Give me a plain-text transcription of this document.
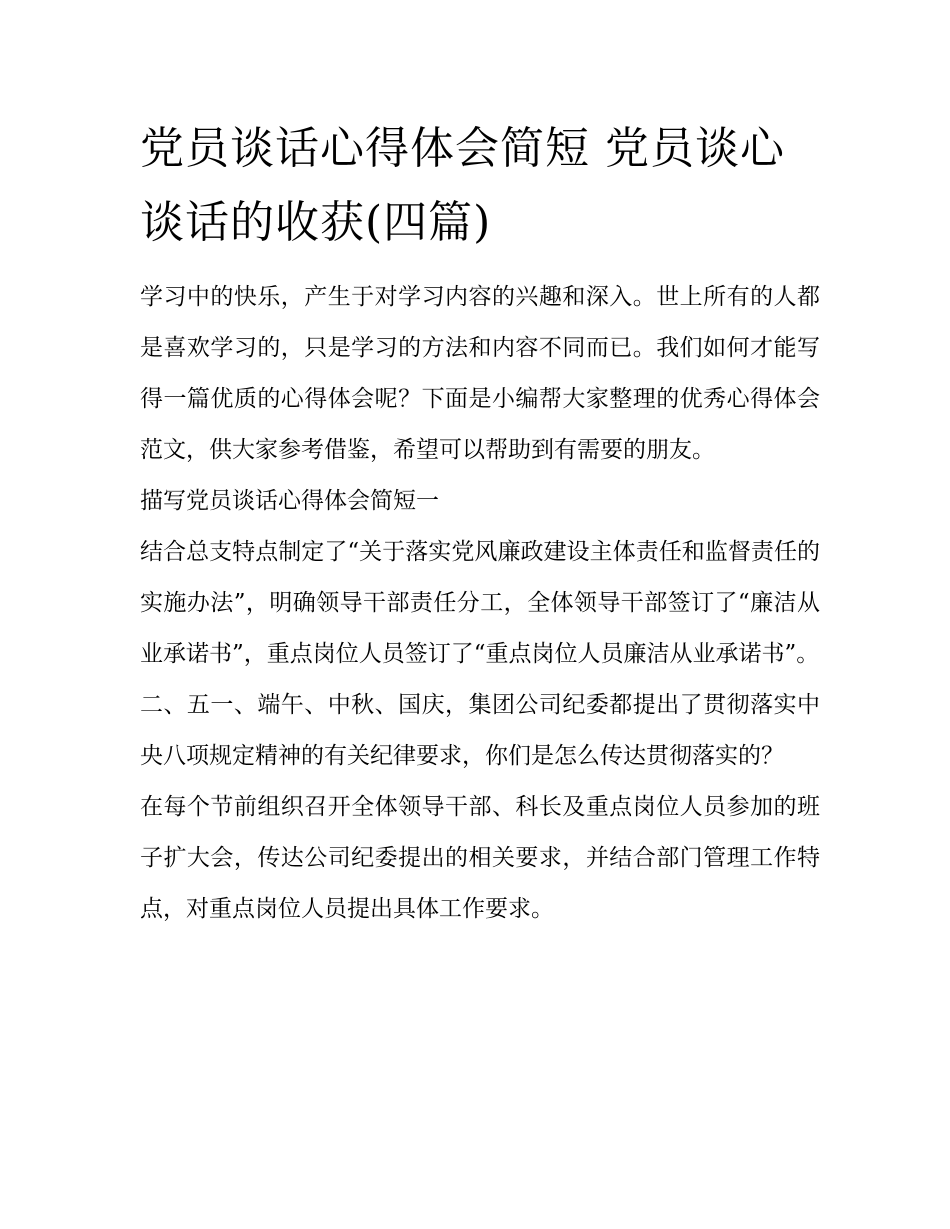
党员谈话心得体会简短 党员谈心谈话的收获(四篇)

学习中的快乐，产生于对学习内容的兴趣和深入。世上所有的人都是喜欢学习的，只是学习的方法和内容不同而已。我们如何才能写得一篇优质的心得体会呢？下面是小编帮大家整理的优秀心得体会范文，供大家参考借鉴，希望可以帮助到有需要的朋友。

描写党员谈话心得体会简短一

结合总支特点制定了“关于落实党风廉政建设主体责任和监督责任的实施办法”，明确领导干部责任分工，全体领导干部签订了“廉洁从业承诺书”，重点岗位人员签订了“重点岗位人员廉洁从业承诺书”。

二、五一、端午、中秋、国庆，集团公司纪委都提出了贯彻落实中央八项规定精神的有关纪律要求，你们是怎么传达贯彻落实的？

在每个节前组织召开全体领导干部、科长及重点岗位人员参加的班子扩大会，传达公司纪委提出的相关要求，并结合部门管理工作特点，对重点岗位人员提出具体工作要求。
